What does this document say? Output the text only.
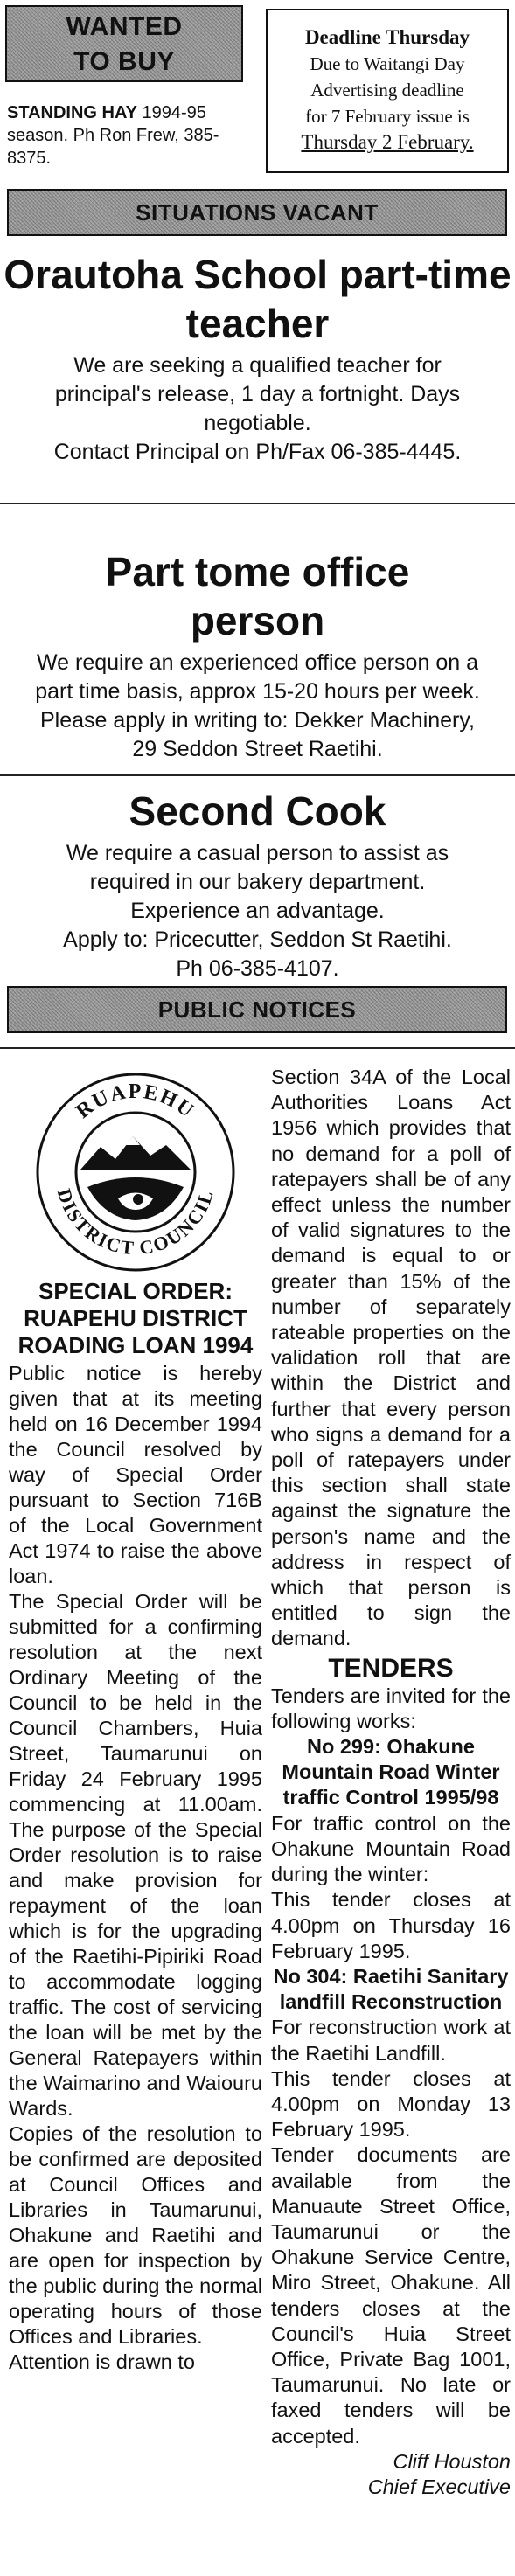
WANTED
TO BUY
STANDING HAY 1994-95 season. Ph Ron Frew, 385-8375.
Deadline Thursday
Due to Waitangi Day
Advertising deadline
for 7 February issue is
Thursday 2 February.
SITUATIONS VACANT
Orautoha School part-time teacher

We are seeking a qualified teacher for principal's release, 1 day a fortnight. Days negotiable.

Contact Principal on Ph/Fax 06-385-4445.

Part tome office person

We require an experienced office person on a part time basis, approx 15-20 hours per week.

Please apply in writing to: Dekker Machinery, 29 Seddon Street Raetihi.

Second Cook

We require a casual person to assist as required in our bakery department.

Experience an advantage.

Apply to: Pricecutter, Seddon St Raetihi.

Ph 06-385-4107.

PUBLIC NOTICES
RUAPEHU
DISTRICT COUNCIL
SPECIAL ORDER: RUAPEHU DISTRICT ROADING LOAN 1994

Public notice is hereby given that at its meeting held on 16 December 1994 the Council resolved by way of Special Order pursuant to Section 716B of the Local Government Act 1974 to raise the above loan.

The Special Order will be submitted for a confirming resolution at the next Ordinary Meeting of the Council to be held in the Council Chambers, Huia Street, Taumarunui on Friday 24 February 1995 commencing at 11.00am. The purpose of the Special Order resolution is to raise and make provision for repayment of the loan which is for the upgrading of the Raetihi-Pipiriki Road to accommodate logging traffic. The cost of servicing the loan will be met by the General Ratepayers within the Waimarino and Waiouru Wards.

Copies of the resolution to be confirmed are deposited at Council Offices and Libraries in Taumarunui, Ohakune and Raetihi and are open for inspection by the public during the normal operating hours of those Offices and Libraries.

Attention is drawn to

Section 34A of the Local Authorities Loans Act 1956 which provides that no demand for a poll of ratepayers shall be of any effect unless the number of valid signatures to the demand is equal to or greater than 15% of the number of separately rateable properties on the validation roll that are within the District and further that every person who signs a demand for a poll of ratepayers under this section shall state against the signature the person's name and the address in respect of which that person is entitled to sign the demand.

TENDERS

Tenders are invited for the following works:

No 299: Ohakune Mountain Road Winter traffic Control 1995/98

For traffic control on the Ohakune Mountain Road during the winter:

This tender closes at 4.00pm on Thursday 16 February 1995.

No 304: Raetihi Sanitary landfill Reconstruction

For reconstruction work at the Raetihi Landfill.

This tender closes at 4.00pm on Monday 13 February 1995.

Tender documents are available from the Manuaute Street Office, Taumarunui or the Ohakune Service Centre, Miro Street, Ohakune. All tenders closes at the Council's Huia Street Office, Private Bag 1001, Taumarunui. No late or faxed tenders will be accepted.

Cliff Houston
Chief Executive
